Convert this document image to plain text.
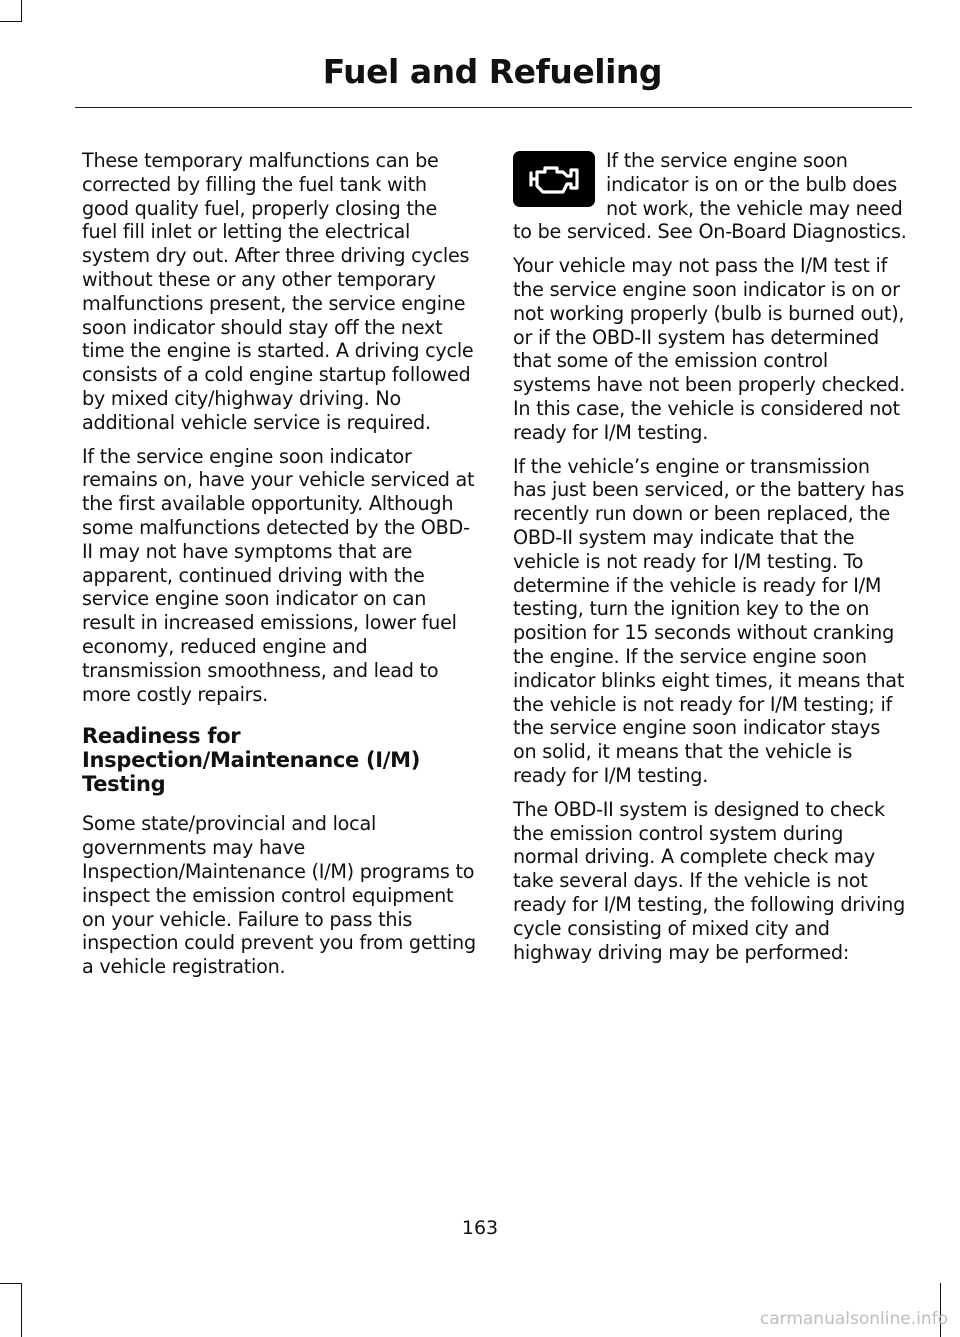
Fuel and Refueling

These temporary malfunctions can be corrected by filling the fuel tank with good quality fuel, properly closing the fuel fill inlet or letting the electrical system dry out. After three driving cycles without these or any other temporary malfunctions present, the service engine soon indicator should stay off the next time the engine is started. A driving cycle consists of a cold engine startup followed by mixed city/highway driving. No additional vehicle service is required.

If the service engine soon indicator remains on, have your vehicle serviced at the first available opportunity. Although some malfunctions detected by the OBD-II may not have symptoms that are apparent, continued driving with the service engine soon indicator on can result in increased emissions, lower fuel economy, reduced engine and transmission smoothness, and lead to more costly repairs.

Readiness for Inspection/Maintenance (I/M) Testing

Some state/provincial and local governments may have Inspection/Maintenance (I/M) programs to inspect the emission control equipment on your vehicle. Failure to pass this inspection could prevent you from getting a vehicle registration.

If the service engine soon indicator is on or the bulb does not work, the vehicle may need to be serviced. See On-Board Diagnostics.

Your vehicle may not pass the I/M test if the service engine soon indicator is on or not working properly (bulb is burned out), or if the OBD-II system has determined that some of the emission control systems have not been properly checked. In this case, the vehicle is considered not ready for I/M testing.

If the vehicle’s engine or transmission has just been serviced, or the battery has recently run down or been replaced, the OBD-II system may indicate that the vehicle is not ready for I/M testing. To determine if the vehicle is ready for I/M testing, turn the ignition key to the on position for 15 seconds without cranking the engine. If the service engine soon indicator blinks eight times, it means that the vehicle is not ready for I/M testing; if the service engine soon indicator stays on solid, it means that the vehicle is ready for I/M testing.

The OBD-II system is designed to check the emission control system during normal driving. A complete check may take several days. If the vehicle is not ready for I/M testing, the following driving cycle consisting of mixed city and highway driving may be performed:

163
carmanualsonline.info
